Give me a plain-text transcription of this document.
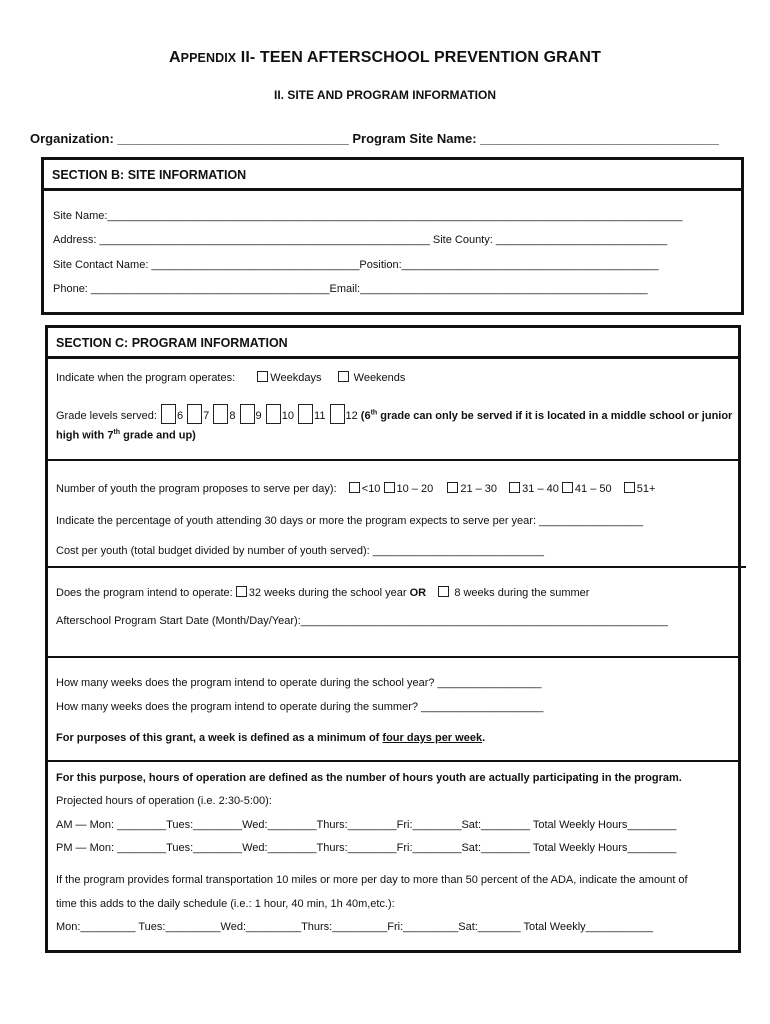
APPENDIX II- TEEN AFTERSCHOOL PREVENTION GRANT
II. SITE AND PROGRAM INFORMATION
Organization: ________________________________ Program Site Name: _________________________________
SECTION B: SITE INFORMATION
Site Name:______________________________________________________________________________________________
Address: ______________________________________________________ Site County: ____________________________
Site Contact Name: __________________________________Position:__________________________________________
Phone: _______________________________________Email:_______________________________________________
SECTION C: PROGRAM INFORMATION
Indicate when the program operates:	Weekdays	Weekends
Grade levels served: 6 7 8 9 10 11 12 (6th grade can only be served if it is located in a middle school or junior
high with 7th grade and up)
Number of youth the program proposes to serve per day): <10 10 – 20 21 – 30 31 – 40 41 – 50 51+
Indicate the percentage of youth attending 30 days or more the program expects to serve per year: _________________
Cost per youth (total budget divided by number of youth served): ____________________________
Does the program intend to operate: 32 weeks during the school year OR	8 weeks during the summer
Afterschool Program Start Date (Month/Day/Year):____________________________________________________________
How many weeks does the program intend to operate during the school year? _________________
How many weeks does the program intend to operate during the summer? ____________________
For purposes of this grant, a week is defined as a minimum of four days per week.
For this purpose, hours of operation are defined as the number of hours youth are actually participating in the program.
Projected hours of operation (i.e. 2:30-5:00):
AM — Mon: ________Tues:________Wed:________Thurs:________Fri:________Sat:________ Total Weekly Hours________
PM — Mon: ________Tues:________Wed:________Thurs:________Fri:________Sat:________ Total Weekly Hours________
If the program provides formal transportation 10 miles or more per day to more than 50 percent of the ADA, indicate the amount of
time this adds to the daily schedule (i.e.: 1 hour, 40 min, 1h 40m,etc.):
Mon:_________ Tues:_________Wed:_________Thurs:_________Fri:_________Sat:_______ Total Weekly___________
